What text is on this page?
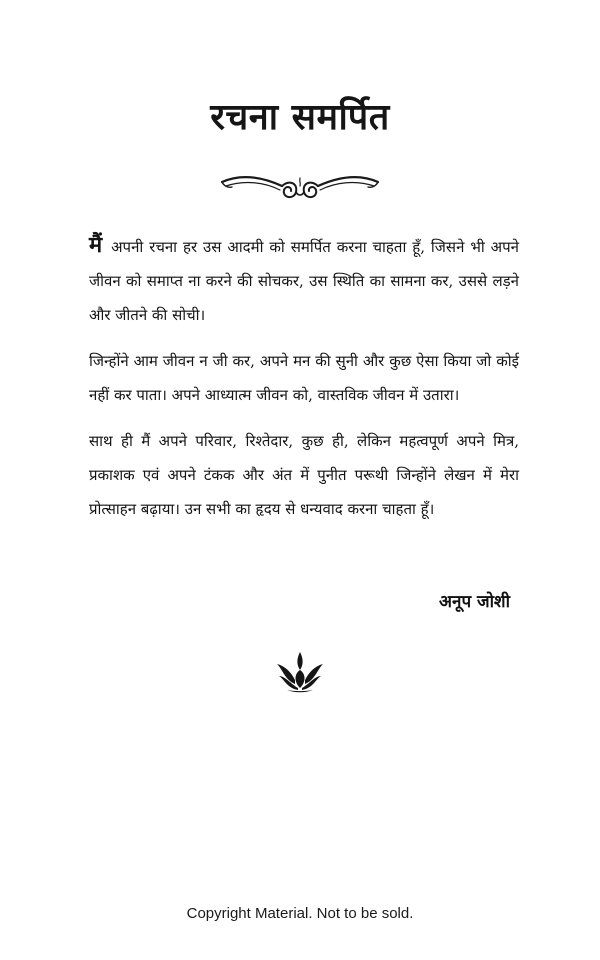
रचना समर्पित

मैं अपनी रचना हर उस आदमी को समर्पित करना चाहता हूँ, जिसने भी अपने जीवन को समाप्त ना करने की सोचकर, उस स्थिति का सामना कर, उससे लड़ने और जीतने की सोची।

जिन्होंने आम जीवन न जी कर, अपने मन की सुनी और कुछ ऐसा किया जो कोई नहीं कर पाता। अपने आध्यात्म जीवन को, वास्तविक जीवन में उतारा।

साथ ही मैं अपने परिवार, रिश्तेदार, कुछ ही, लेकिन महत्वपूर्ण अपने मित्र, प्रकाशक एवं अपने टंकक और अंत में पुनीत परूथी जिन्होंने लेखन में मेरा प्रोत्साहन बढ़ाया। उन सभी का हृदय से धन्यवाद करना चाहता हूँ।

अनूप जोशी
Copyright Material. Not to be sold.
